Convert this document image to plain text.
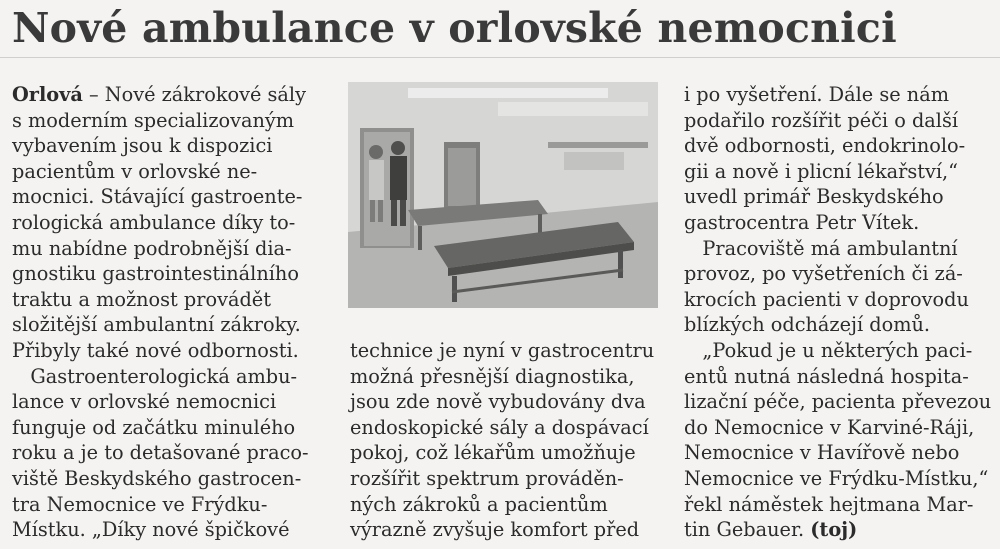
Nové ambulance v orlovské nemocnici
Orlová – Nové zákrokové sály
s moderním specializovaným
vybavením jsou k dispozici
pacientům v orlovské ne-
mocnici. Stávající gastroente-
rologická ambulance díky to-
mu nabídne podrobnější dia-
gnostiku gastrointestinálního
traktu a možnost provádět
složitější ambulantní zákroky.
Přibyly také nové odbornosti.
Gastroenterologická ambu-
lance v orlovské nemocnici
funguje od začátku minulého
roku a je to detašované praco-
viště Beskydského gastrocen-
tra Nemocnice ve Frýdku-
Místku. „Díky nové špičkové
technice je nyní v gastrocentru
možná přesnější diagnostika,
jsou zde nově vybudovány dva
endoskopické sály a dospávací
pokoj, což lékařům umožňuje
rozšířit spektrum prováděn-
ných zákroků a pacientům
výrazně zvyšuje komfort před
i po vyšetření. Dále se nám
podařilo rozšířit péči o další
dvě odbornosti, endokrinolo-
gii a nově i plicní lékařství,“
uvedl primář Beskydského
gastrocentra Petr Vítek.
Pracoviště má ambulantní
provoz, po vyšetřeních či zá-
krocích pacienti v doprovodu
blízkých odcházejí domů.
„Pokud je u některých paci-
entů nutná následná hospita-
lizační péče, pacienta převezou
do Nemocnice v Karviné-Ráji,
Nemocnice v Havířově nebo
Nemocnice ve Frýdku-Místku,“
řekl náměstek hejtmana Mar-
tin Gebauer. (toj)
